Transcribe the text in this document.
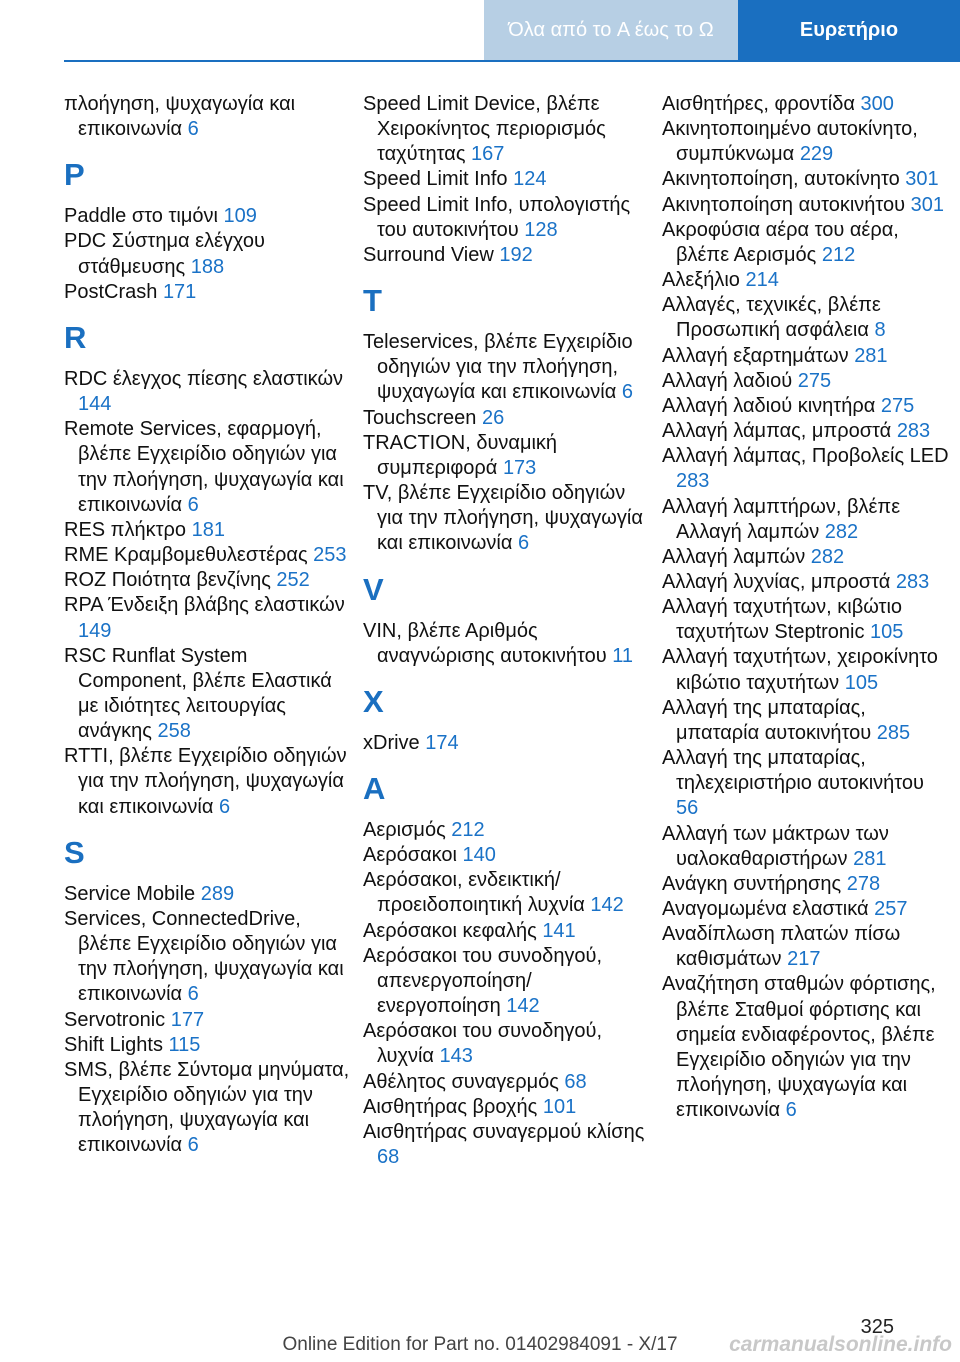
Όλα από το A έως το Ω	Ευρετήριο
πλοήγηση, ψυχαγωγία και επικοινωνία 6
P
Paddle στο τιμόνι 109
PDC Σύστημα ελέγχου στάθμευσης 188
PostCrash 171
R
RDC έλεγχος πίεσης ελαστικών 144
Remote Services, εφαρμογή, βλέπε Εγχειρίδιο οδηγιών για την πλοήγηση, ψυχαγωγία και επικοινωνία 6
RES πλήκτρο 181
RME Κραμβομεθυλεστέρας 253
ROZ Ποιότητα βενζίνης 252
RPA Ένδειξη βλάβης ελαστικών 149
RSC Runflat System Component, βλέπε Ελαστικά με ιδιότητες λειτουργίας ανάγκης 258
RTTI, βλέπε Εγχειρίδιο οδηγιών για την πλοήγηση, ψυχαγωγία και επικοινωνία 6
S
Service Mobile 289
Services, ConnectedDrive, βλέπε Εγχειρίδιο οδηγιών για την πλοήγηση, ψυχαγωγία και επικοινωνία 6
Servotronic 177
Shift Lights 115
SMS, βλέπε Σύντομα μηνύματα, Εγχειρίδιο οδηγιών για την πλοήγηση, ψυχαγωγία και επικοινωνία 6
Speed Limit Device, βλέπε Χειροκίνητος περιορισμός ταχύτητας 167
Speed Limit Info 124
Speed Limit Info, υπολογιστής του αυτοκινήτου 128
Surround View 192
T
Teleservices, βλέπε Εγχειρίδιο οδηγιών για την πλοήγηση, ψυχαγωγία και επικοινωνία 6
Touchscreen 26
TRACTION, δυναμική συμπεριφορά 173
TV, βλέπε Εγχειρίδιο οδηγιών για την πλοήγηση, ψυχαγωγία και επικοινωνία 6
V
VIN, βλέπε Αριθμός αναγνώρισης αυτοκινήτου 11
X
xDrive 174
A
Αερισμός 212
Αερόσακοι 140
Αερόσακοι, ενδεικτική/προειδοποιητική λυχνία 142
Αερόσακοι κεφαλής 141
Αερόσακοι του συνοδηγού, απενεργοποίηση/ενεργοποίηση 142
Αερόσακοι του συνοδηγού, λυχνία 143
Αθέλητος συναγερμός 68
Αισθητήρας βροχής 101
Αισθητήρας συναγερμού κλίσης 68
Αισθητήρες, φροντίδα 300
Ακινητοποιημένο αυτοκίνητο, συμπύκνωμα 229
Ακινητοποίηση, αυτοκίνητο 301
Ακινητοποίηση αυτοκινήτου 301
Ακροφύσια αέρα του αέρα, βλέπε Αερισμός 212
Αλεξήλιο 214
Αλλαγές, τεχνικές, βλέπε Προσωπική ασφάλεια 8
Αλλαγή εξαρτημάτων 281
Αλλαγή λαδιού 275
Αλλαγή λαδιού κινητήρα 275
Αλλαγή λάμπας, μπροστά 283
Αλλαγή λάμπας, Προβολείς LED 283
Αλλαγή λαμπτήρων, βλέπε Αλλαγή λαμπών 282
Αλλαγή λαμπών 282
Αλλαγή λυχνίας, μπροστά 283
Αλλαγή ταχυτήτων, κιβώτιο ταχυτήτων Steptronic 105
Αλλαγή ταχυτήτων, χειροκίνητο κιβώτιο ταχυτήτων 105
Αλλαγή της μπαταρίας, μπαταρία αυτοκινήτου 285
Αλλαγή της μπαταρίας, τηλεχειριστήριο αυτοκινήτου 56
Αλλαγή των μάκτρων των υαλοκαθαριστήρων 281
Ανάγκη συντήρησης 278
Αναγομωμένα ελαστικά 257
Αναδίπλωση πλατών πίσω καθισμάτων 217
Αναζήτηση σταθμών φόρτισης, βλέπε Σταθμοί φόρτισης και σημεία ενδιαφέροντος, βλέπε Εγχειρίδιο οδηγιών για την πλοήγηση, ψυχαγωγία και επικοινωνία 6
325
Online Edition for Part no. 01402984091 - X/17	carmanualsonline.info
